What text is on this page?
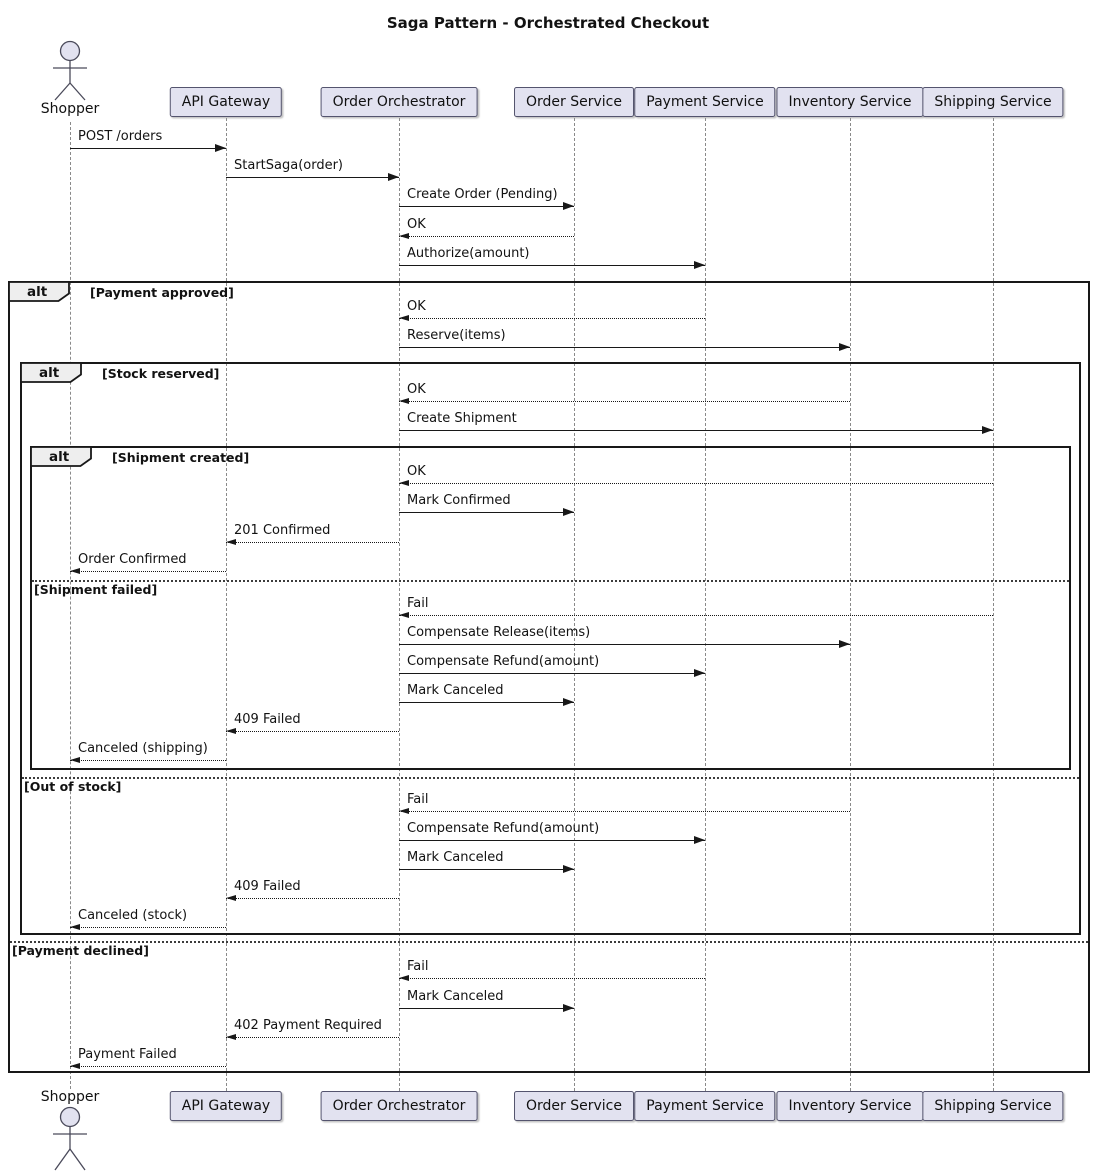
Saga Pattern - Orchestrated Checkout
alt	[Payment approved]
[Payment declined]
alt	[Stock reserved]
[Out of stock]
alt	[Shipment created]
[Shipment failed]
POST /orders
StartSaga(order)
Create Order (Pending)
OK
Authorize(amount)
OK
Reserve(items)
OK
Create Shipment
OK
Mark Confirmed
201 Confirmed
Order Confirmed
Fail
Compensate Release(items)
Compensate Refund(amount)
Mark Canceled
409 Failed
Canceled (shipping)
Fail
Compensate Refund(amount)
Mark Canceled
409 Failed
Canceled (stock)
Fail
Mark Canceled
402 Payment Required
Payment Failed
Shopper
Shopper
API Gateway
API Gateway
Order Orchestrator
Order Orchestrator
Order Service
Order Service
Payment Service
Payment Service
Inventory Service
Inventory Service
Shipping Service
Shipping Service
